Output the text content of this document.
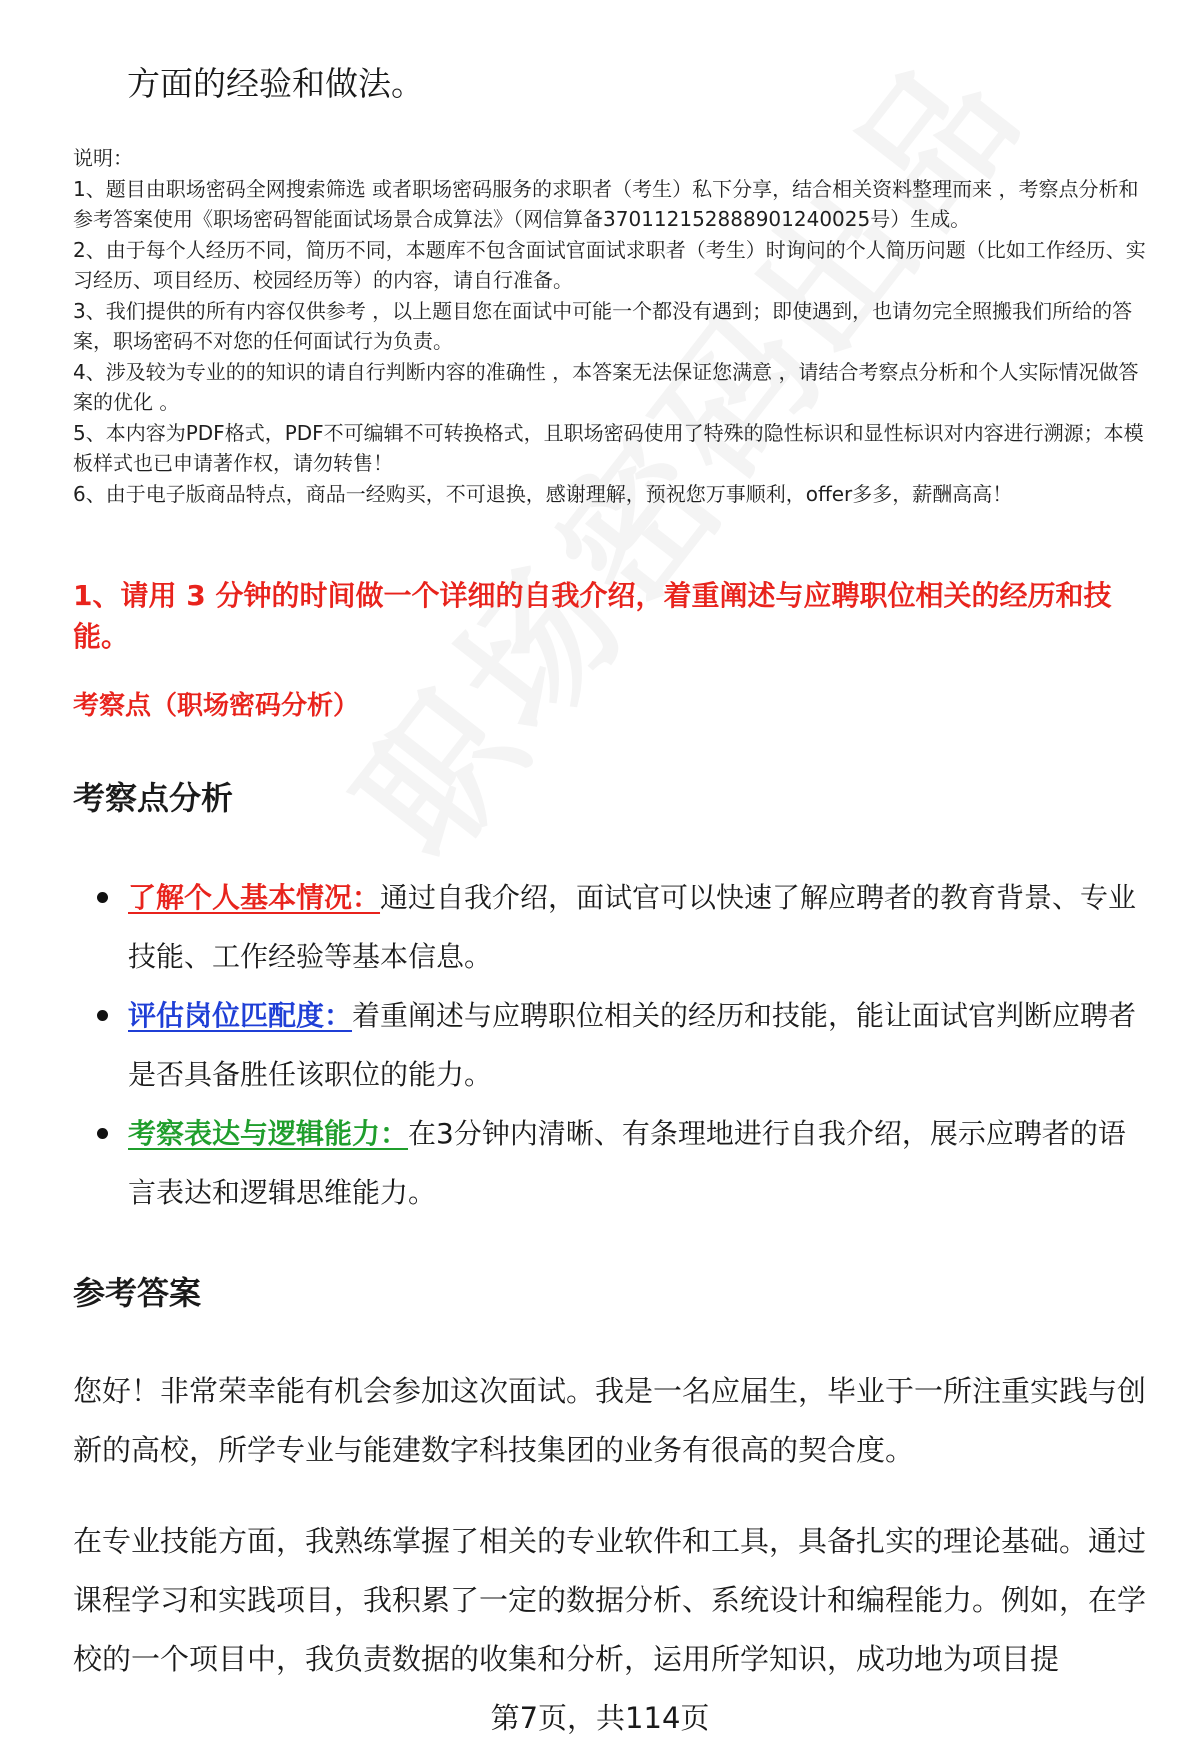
方面的经验和做法。

说明：

1、题目由职场密码全网搜索筛选 或者职场密码服务的求职者（考生）私下分享，结合相关资料整理而来 ，考察点分析和参考答案使用《职场密码智能面试场景合成算法》（网信算备370112152888901240025号）生成。

2、由于每个人经历不同，简历不同，本题库不包含面试官面试求职者（考生）时询问的个人简历问题（比如工作经历、实习经历、项目经历、校园经历等）的内容，请自行准备。

3、我们提供的所有内容仅供参考 ，以上题目您在面试中可能一个都没有遇到；即使遇到，也请勿完全照搬我们所给的答案，职场密码不对您的任何面试行为负责。

4、涉及较为专业的的知识的请自行判断内容的准确性 ，本答案无法保证您满意 ，请结合考察点分析和个人实际情况做答案的优化 。

5、本内容为PDF格式，PDF不可编辑不可转换格式，且职场密码使用了特殊的隐性标识和显性标识对内容进行溯源；本模板样式也已申请著作权，请勿转售！

6、由于电子版商品特点，商品一经购买，不可退换，感谢理解，预祝您万事顺利，offer多多，薪酬高高！

1、请用 3 分钟的时间做一个详细的自我介绍，着重阐述与应聘职位相关的经历和技能。
考察点（职场密码分析）
考察点分析
了解个人基本情况：通过自我介绍，面试官可以快速了解应聘者的教育背景、专业技能、工作经验等基本信息。
评估岗位匹配度：着重阐述与应聘职位相关的经历和技能，能让面试官判断应聘者是否具备胜任该职位的能力。
考察表达与逻辑能力：在3分钟内清晰、有条理地进行自我介绍，展示应聘者的语言表达和逻辑思维能力。
参考答案

您好！非常荣幸能有机会参加这次面试。我是一名应届生，毕业于一所注重实践与创新的高校，所学专业与能建数字科技集团的业务有很高的契合度。

在专业技能方面，我熟练掌握了相关的专业软件和工具，具备扎实的理论基础。通过课程学习和实践项目，我积累了一定的数据分析、系统设计和编程能力。例如，在学校的一个项目中，我负责数据的收集和分析，运用所学知识，成功地为项目提

第7页，共114页
